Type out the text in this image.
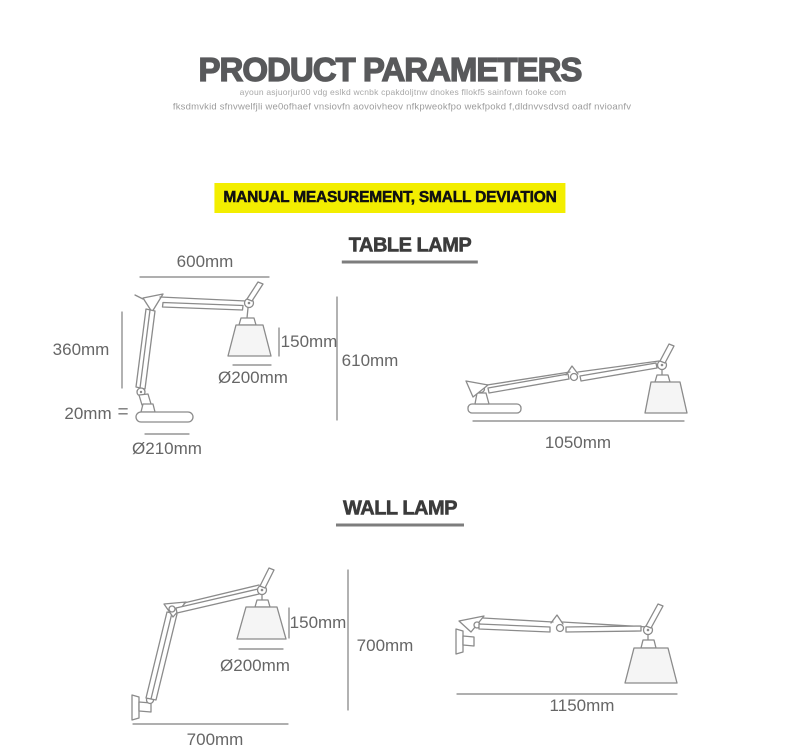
PRODUCT PARAMETERS
ayoun asjuorjur00 vdg eslkd wcnbk cpakdoljtnw dnokes fllokf5 sainfown fooke com
fksdmvkid sfnvwelfjli we0ofhaef vnsiovfn aovoivheov nfkpweokfpo wekfpokd f,dldnvvsdvsd oadf nvioanfv
MANUAL MEASUREMENT, SMALL DEVIATION
TABLE LAMP
WALL LAMP
600mm
360mm	150mm
Ø200mm
610mm
20mm =
Ø210mm	1050mm
150mm
Ø200mm
700mm
700mm
1150mm
